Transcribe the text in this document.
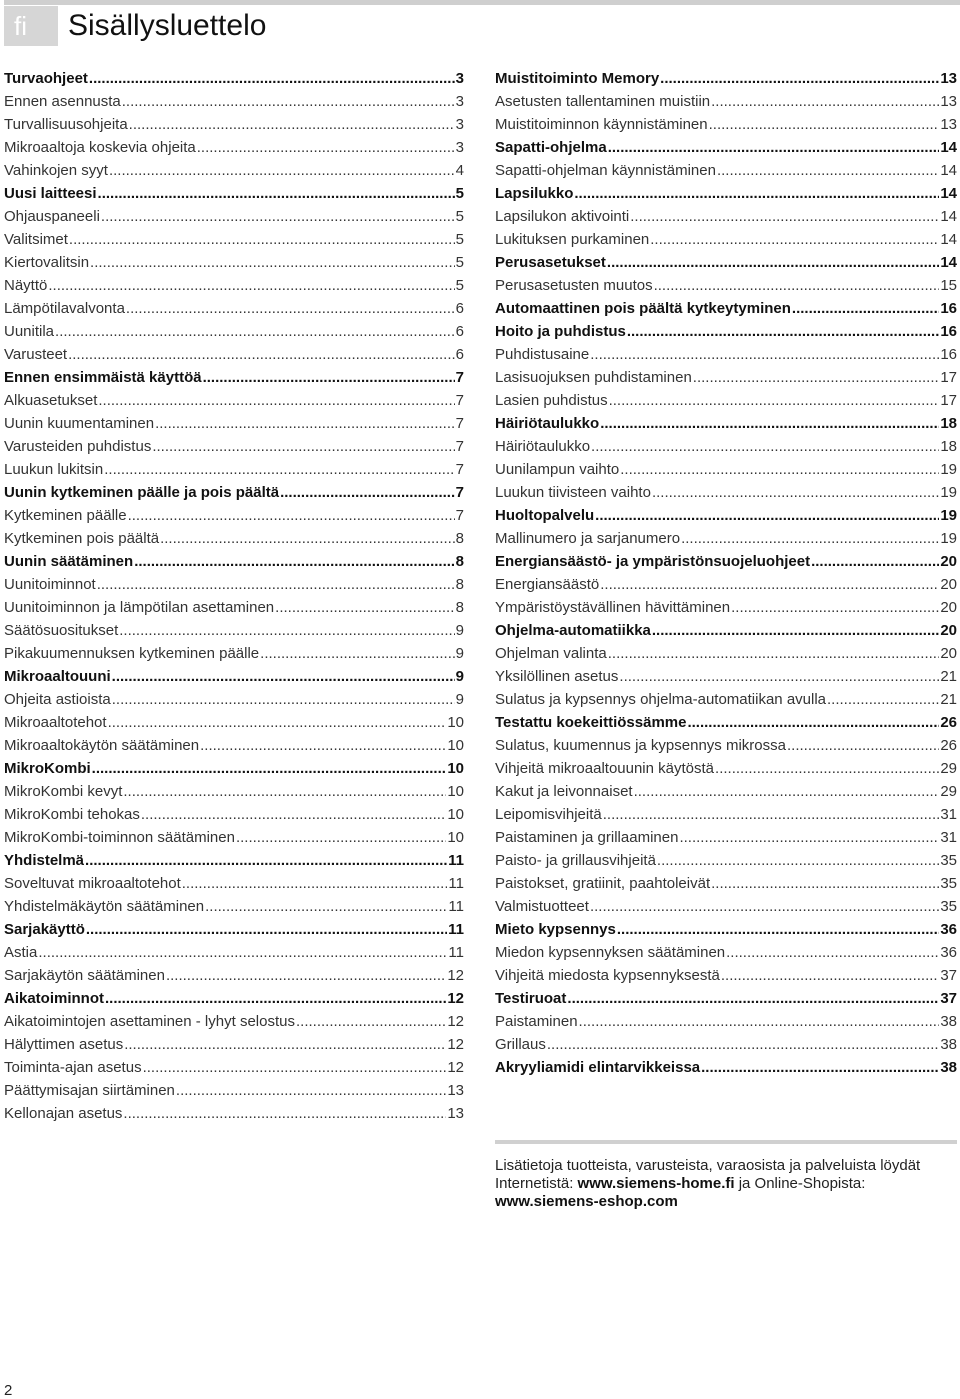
fi	Sisällysluettelo
Turvaohjeet .....	3
Ennen asennusta .....	3
Turvallisuusohjeita .....	3
Mikroaaltoja koskevia ohjeita .....	3
Vahinkojen syyt .....	4
Uusi laitteesi .....	5
Ohjauspaneeli .....	5
Valitsimet .....	5
Kiertovalitsin .....	5
Näyttö .....	5
Lämpötilavalvonta .....	6
Uunitila .....	6
Varusteet .....	6
Ennen ensimmäistä käyttöä .....	7
Alkuasetukset .....	7
Uunin kuumentaminen .....	7
Varusteiden puhdistus .....	7
Luukun lukitsin .....	7
Uunin kytkeminen päälle ja pois päältä .....	7
Kytkeminen päälle .....	7
Kytkeminen pois päältä .....	8
Uunin säätäminen .....	8
Uunitoiminnot .....	8
Uunitoiminnon ja lämpötilan asettaminen .....	8
Säätösuositukset .....	9
Pikakuumennuksen kytkeminen päälle .....	9
Mikroaaltouuni .....	9
Ohjeita astioista .....	9
Mikroaaltotehot .....	10
Mikroaaltokäytön säätäminen .....	10
MikroKombi .....	10
MikroKombi kevyt .....	10
MikroKombi tehokas .....	10
MikroKombi-toiminnon säätäminen .....	10
Yhdistelmä .....	11
Soveltuvat mikroaaltotehot .....	11
Yhdistelmäkäytön säätäminen .....	11
Sarjakäyttö .....	11
Astia .....	11
Sarjakäytön säätäminen .....	12
Aikatoiminnot .....	12
Aikatoimintojen asettaminen - lyhyt selostus .....	12
Hälyttimen asetus .....	12
Toiminta-ajan asetus .....	12
Päättymisajan siirtäminen .....	13
Kellonajan asetus .....	13
Muistitoiminto Memory .....	13
Asetusten tallentaminen muistiin .....	13
Muistitoiminnon käynnistäminen .....	13
Sapatti-ohjelma .....	14
Sapatti-ohjelman käynnistäminen .....	14
Lapsilukko .....	14
Lapsilukon aktivointi .....	14
Lukituksen purkaminen .....	14
Perusasetukset .....	14
Perusasetusten muutos .....	15
Automaattinen pois päältä kytkeytyminen .....	16
Hoito ja puhdistus .....	16
Puhdistusaine .....	16
Lasisuojuksen puhdistaminen .....	17
Lasien puhdistus .....	17
Häiriötaulukko .....	18
Häiriötaulukko .....	18
Uunilampun vaihto .....	19
Luukun tiivisteen vaihto .....	19
Huoltopalvelu .....	19
Mallinumero ja sarjanumero .....	19
Energiansäästö- ja ympäristönsuojeluohjeet .....	20
Energiansäästö .....	20
Ympäristöystävällinen hävittäminen .....	20
Ohjelma-automatiikka .....	20
Ohjelman valinta .....	20
Yksilöllinen asetus .....	21
Sulatus ja kypsennys ohjelma-automatiikan avulla .....	21
Testattu koekeittiössämme .....	26
Sulatus, kuumennus ja kypsennys mikrossa .....	26
Vihjeitä mikroaaltouunin käytöstä .....	29
Kakut ja leivonnaiset .....	29
Leipomisvihjeitä .....	31
Paistaminen ja grillaaminen .....	31
Paisto- ja grillausvihjeitä .....	35
Paistokset, gratiinit, paahtoleivät .....	35
Valmistuotteet .....	35
Mieto kypsennys .....	36
Miedon kypsennyksen säätäminen .....	36
Vihjeitä miedosta kypsennyksestä .....	37
Testiruoat .....	37
Paistaminen .....	38
Grillaus .....	38
Akryyliamidi elintarvikkeissa .....	38
Lisätietoja tuotteista, varusteista, varaosista ja palveluista löydät Internetistä: www.siemens-home.fi ja Online-Shopista: www.siemens-eshop.com
2
